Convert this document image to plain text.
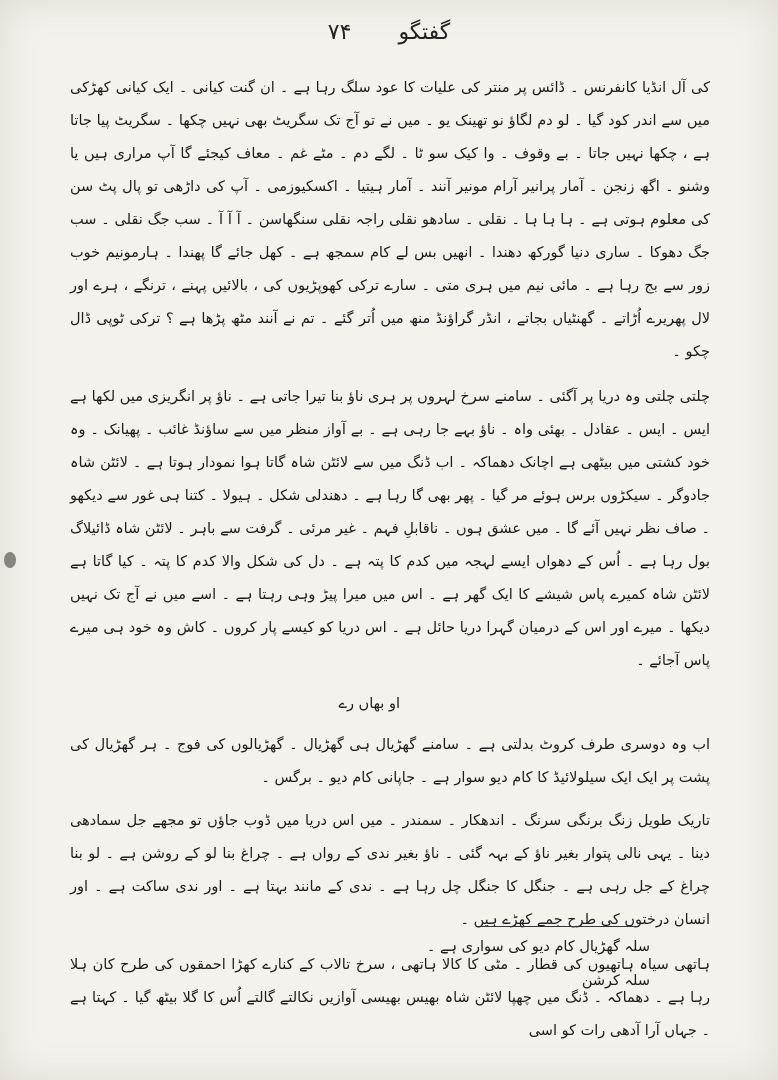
گفتگو ۷۴

کی آل انڈیا کانفرنس ۔ ڈائس پر منتر کی علیات کا عود سلگ رہا ہے ۔ ان گنت کیانی ۔ ایک کیانی کھڑکی میں سے اندر کود گیا ۔ لو دم لگاؤ نو تھینک یو ۔ میں نے تو آج تک سگریٹ بھی نہیں چکھا ۔ سگریٹ پیا جاتا ہے ، چکھا نہیں جاتا ۔ بے وقوف ۔ وا کیک سو ٹا ۔ لگے دم ۔ مٹے غم ۔ معاف کیجئے گا آپ مراری ہیں یا وشنو ۔ اگھ زنجن ۔ آمار پرانیر آرام مونیر آنند ۔ آمار ہیتیا ۔ اکسکیوزمی ۔ آپ کی داڑھی تو پال پٹ سن کی معلوم ہوتی ہے ۔ ہا ہا ہا ۔ نقلی ۔ سادھو نقلی راجہ نقلی سنگھاسن ۔ آ آ آ ۔ سب جگ نقلی ۔ سب جگ دھوکا ۔ ساری دنیا گورکھ دھندا ۔ انھیں بس لے کام سمجھ ہے ۔ کھل جائے گا پھندا ۔ ہارمونیم خوب زور سے بج رہا ہے ۔ مائی نیم میں ہری متی ۔ سارے ترکی کھوپڑیوں کی ، بالائیں پہنے ، ترنگے ، ہرے اور لال پھریرے اُڑاتے ۔ گھنٹیاں بجاتے ، انڈر گراؤنڈ منھ میں اُتر گئے ۔ تم نے آنند مٹھ پڑھا ہے ؟ ترکی ٹوپی ڈال چکو ۔

چلتی چلتی وہ دریا پر آگئی ۔ سامنے سرخ لہروں پر ہری ناؤ بنا تیرا جاتی ہے ۔ ناؤ پر انگریزی میں لکھا ہے ایس ۔ ایس ۔ عقادل ۔ بھئی واہ ۔ ناؤ بہے جا رہی ہے ۔ بے آواز منظر میں سے ساؤنڈ غائب ۔ پھیانک ۔ وہ خود کشتی میں بیٹھی ہے اچانک دھماکہ ۔ اب ڈنگ میں سے لائٹن شاہ گاتا ہوا نمودار ہوتا ہے ۔ لائٹن شاہ جادوگر ۔ سیکڑوں برس ہوئے مر گیا ۔ پھر بھی گا رہا ہے ۔ دھندلی شکل ۔ ہیولا ۔ کتنا ہی غور سے دیکھو ۔ صاف نظر نہیں آئے گا ۔ میں عشق ہوں ۔ ناقابلِ فہم ۔ غیر مرئی ۔ گرفت سے باہر ۔ لائٹن شاہ ڈائیلاگ بول رہا ہے ۔ اُس کے دھواں ایسے لہجہ میں کدم کا پتہ ہے ۔ دل کی شکل والا کدم کا پتہ ۔ کیا گاتا ہے لائٹن شاہ کمیرے پاس شیشے کا ایک گھر ہے ۔ اس میں میرا پیڑ وہی رہتا ہے ۔ اسے میں نے آج تک نہیں دیکھا ۔ میرے اور اس کے درمیان گہرا دریا حائل ہے ۔ اس دریا کو کیسے پار کروں ۔ کاش وہ خود ہی میرے پاس آجائے ۔

او بھاں رے

اب وہ دوسری طرف کروٹ بدلتی ہے ۔ سامنے گھڑیال ہی گھڑیال ۔ گھڑیالوں کی فوج ۔ ہر گھڑیال کی پشت پر ایک ایک سیلولائیڈ کا کام دیو سوار ہے ۔ جاپانی کام دیو ۔ برگس ۔

تاریک طویل زنگ برنگی سرنگ ۔ اندھکار ۔ سمندر ۔ میں اس دریا میں ڈوب جاؤں تو مجھے جل سمادھی دینا ۔ یہی نالی پتوار بغیر ناؤ کے بہہ گئی ۔ ناؤ بغیر ندی کے رواں ہے ۔ چراغ بنا لو کے روشن ہے ۔ لو بنا چراغ کے جل رہی ہے ۔ جنگل کا جنگل چل رہا ہے ۔ ندی کے مانند بہتا ہے ۔ اور ندی ساکت ہے ۔ اور انسان درختوں کی طرح جمے کھڑے ہیں ۔

ہاتھی سیاہ ہاتھیوں کی قطار ۔ مٹی کا کالا ہاتھی ، سرخ تالاب کے کنارے کھڑا احمقوں کی طرح کان ہلا رہا ہے ۔ دھماکہ ۔ ڈنگ میں چھپا لائٹن شاہ بھیس بھیسی آوازیں نکالتے گالتے اُس کا گلا بیٹھ گیا ۔ کہتا ہے ۔ جہاں آرا آدھی رات کو اسی

سلہ گھڑیال کام دیو کی سواری ہے ۔
سلہ کرشن
